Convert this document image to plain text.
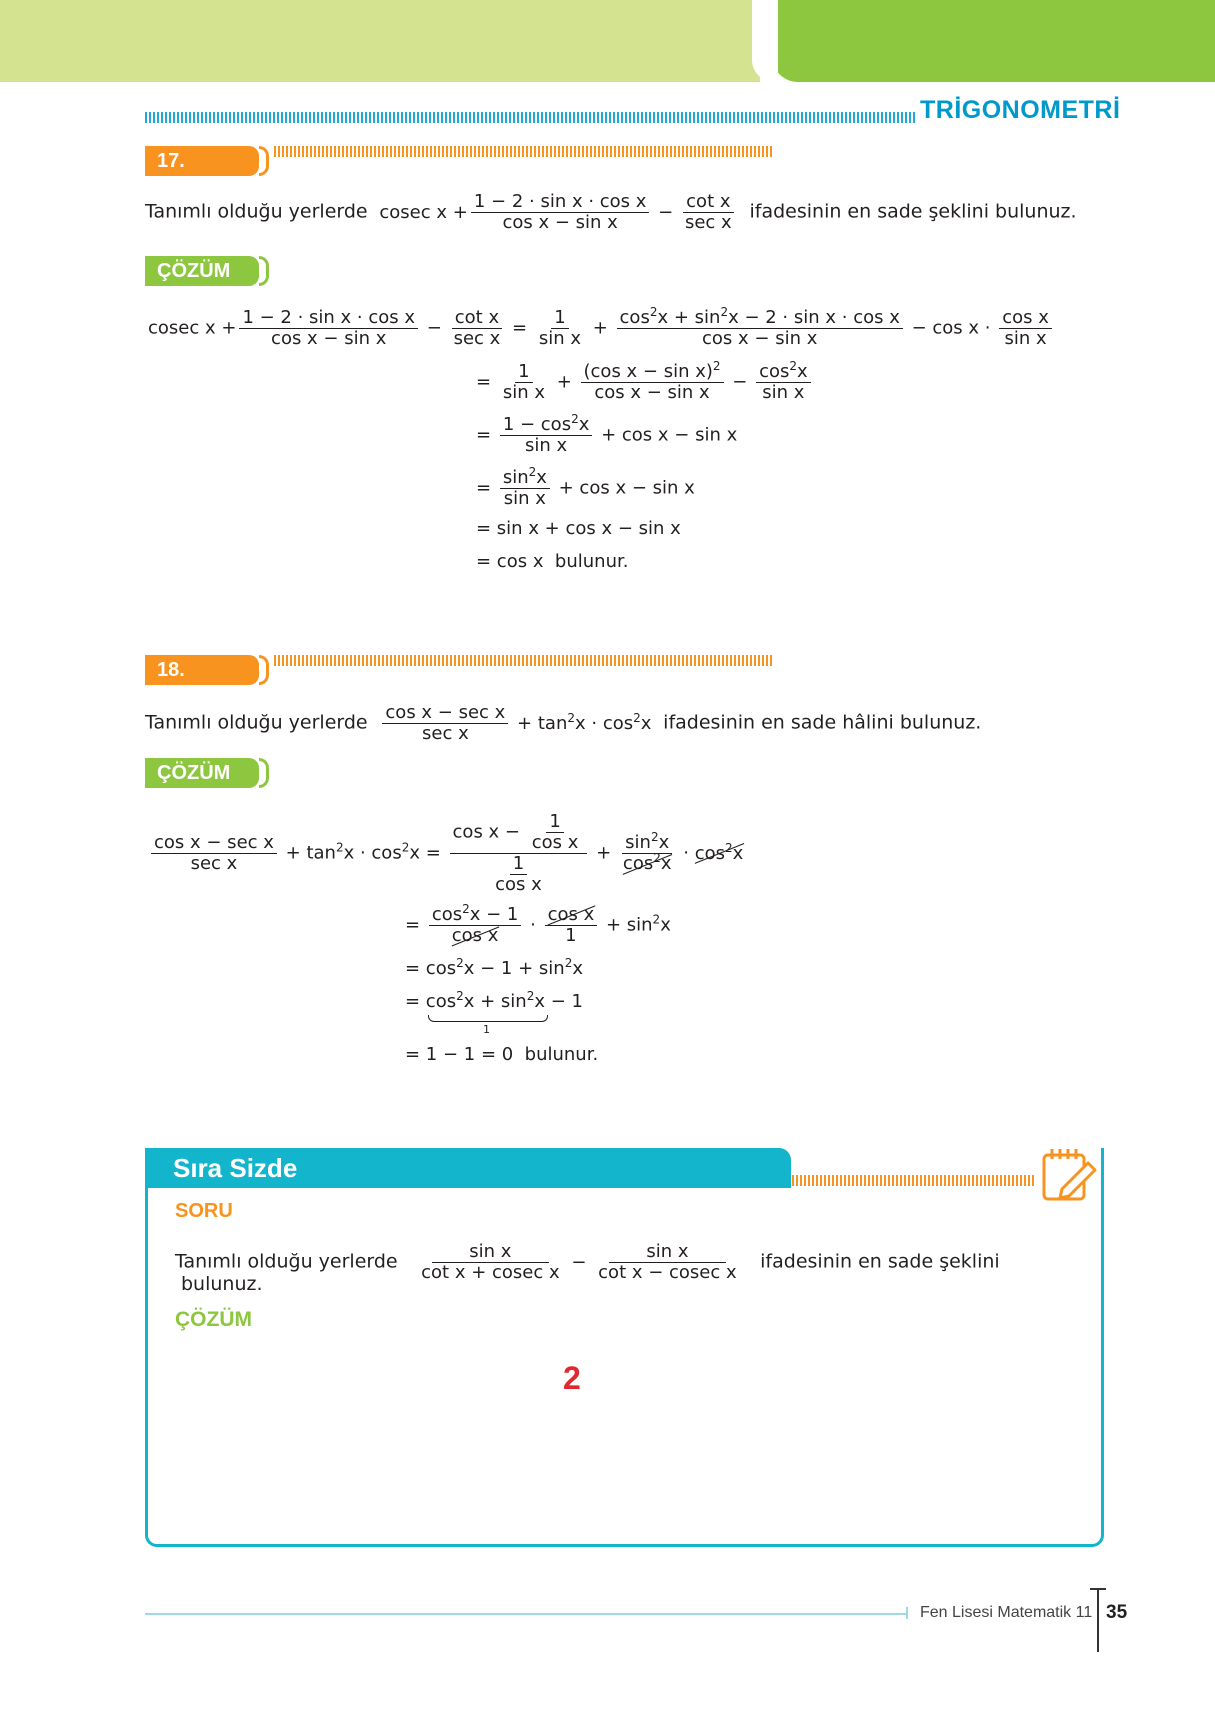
TRİGONOMETRİ
17. ÖRNEK
Tanımlı olduğu yerlerde  cosec $x + \frac{\text{1 − 2 · sin x · cos x}}{\text{cos x − sin x}} - \frac{\text{cot x}}{\text{sec x}}$ ifadesinin en sade şeklini bulunuz.
ÇÖZÜM
cosec $x + \frac{\text{1 − 2 · sin x · cos x}}{\text{cos x − sin x}} - \frac{\text{cot x}}{\text{sec x}} = \frac{1}{\text{sin x}} + \frac{\cos^2x + \sin^2x - 2 \cdot \sin x \cdot \cos x}{\text{cos x − sin x}} - \cos x \cdot \frac{\text{cos x}}{\text{sin x}}$
= $\frac{1}{\text{sin x}} + \frac{(\cos x - \sin x)^2}{\text{cos x − sin x}} - \frac{\cos^2x}{\text{sin x}}$
= $\frac{1 - \cos^2x}{\text{sin x}} + \cos x - \sin x$
= $\frac{\sin^2x}{\text{sin x}} + \cos x - \sin x$
= sin x + cos x − sin x
= cos x  bulunur.
18. ÖRNEK
Tanımlı olduğu yerlerde $\frac{\text{cos x − sec x}}{\text{sec x}} + \tan^2x \cdot \cos^2x$  ifadesinin en sade hâlini bulunuz.
ÇÖZÜM
$\frac{\text{cos x − sec x}}{\text{sec x}} + \tan^2x \cdot \cos^2x = \frac{\cos x - \frac{1}{\text{cos x}}}{\frac{1}{\text{cos x}}} + \frac{\sin^2x}{\cos^2x} \cdot \cos^2x$
= $\frac{\cos^2x - 1}{\text{cos x}} \cdot \frac{\text{cos x}}{1} + \sin^2x$
= $\cos^2x - 1 + \sin^2x$
= $\cos^2x + \sin^2x - 1$
1
= 1 − 1 = 0  bulunur.
Sıra Sizde
SORU
Tanımlı olduğu yerlerde $\frac{\text{sin x}}{\text{cot x + cosec x}} - \frac{\text{sin x}}{\text{cot x − cosec x}}$ ifadesinin en sade şeklini
bulunuz.
ÇÖZÜM
2
Fen Lisesi Matematik 11 35
